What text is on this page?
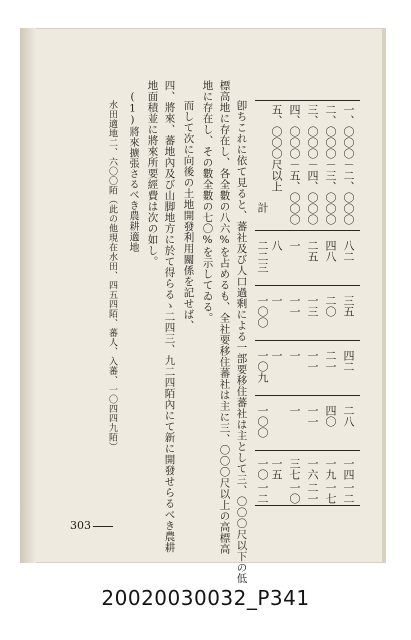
一、〇〇〇－二、〇〇〇
二、〇〇〇－三、〇〇〇
三、〇〇〇－四、〇〇〇
四、〇〇〇－五、〇〇〇
五、〇〇〇尺以上
計
八二
四八
二五
一
八
二二三
三五
二〇
一三
一一
一
一〇〇
四二
二一
一一
一
一
一〇九
二八
四〇
一一
一
一〇〇
一四
一九
一六
三七
一五
一〇
一二
一七
二一
一〇
一二
卽ちこれに依て見ると、蕃社及び人口過剩による一部要移住蕃社は主として三、〇〇〇尺以下の低
標高地に存在し、各全數の八六%を占めるも、全社要移住蕃社は主に三、〇〇〇尺以上の高標高
地に存在し、その數全數の七〇%を示してゐる。
而して次に向後の土地開發利用關係を記せば、
四、將來、蕃地內及び山脚地方に於て得らるゝ二四三、九二四陌內にて新に開發せらるべき農耕
地面積並に將來所要經費は次の如し。
(1)將來擴張さるべき農耕適地
水田適地二、六〇〇陌（此の他現在水田、四五四陌、蕃人、入蕃、一〇四四九陌）
303
20020030032_P341
